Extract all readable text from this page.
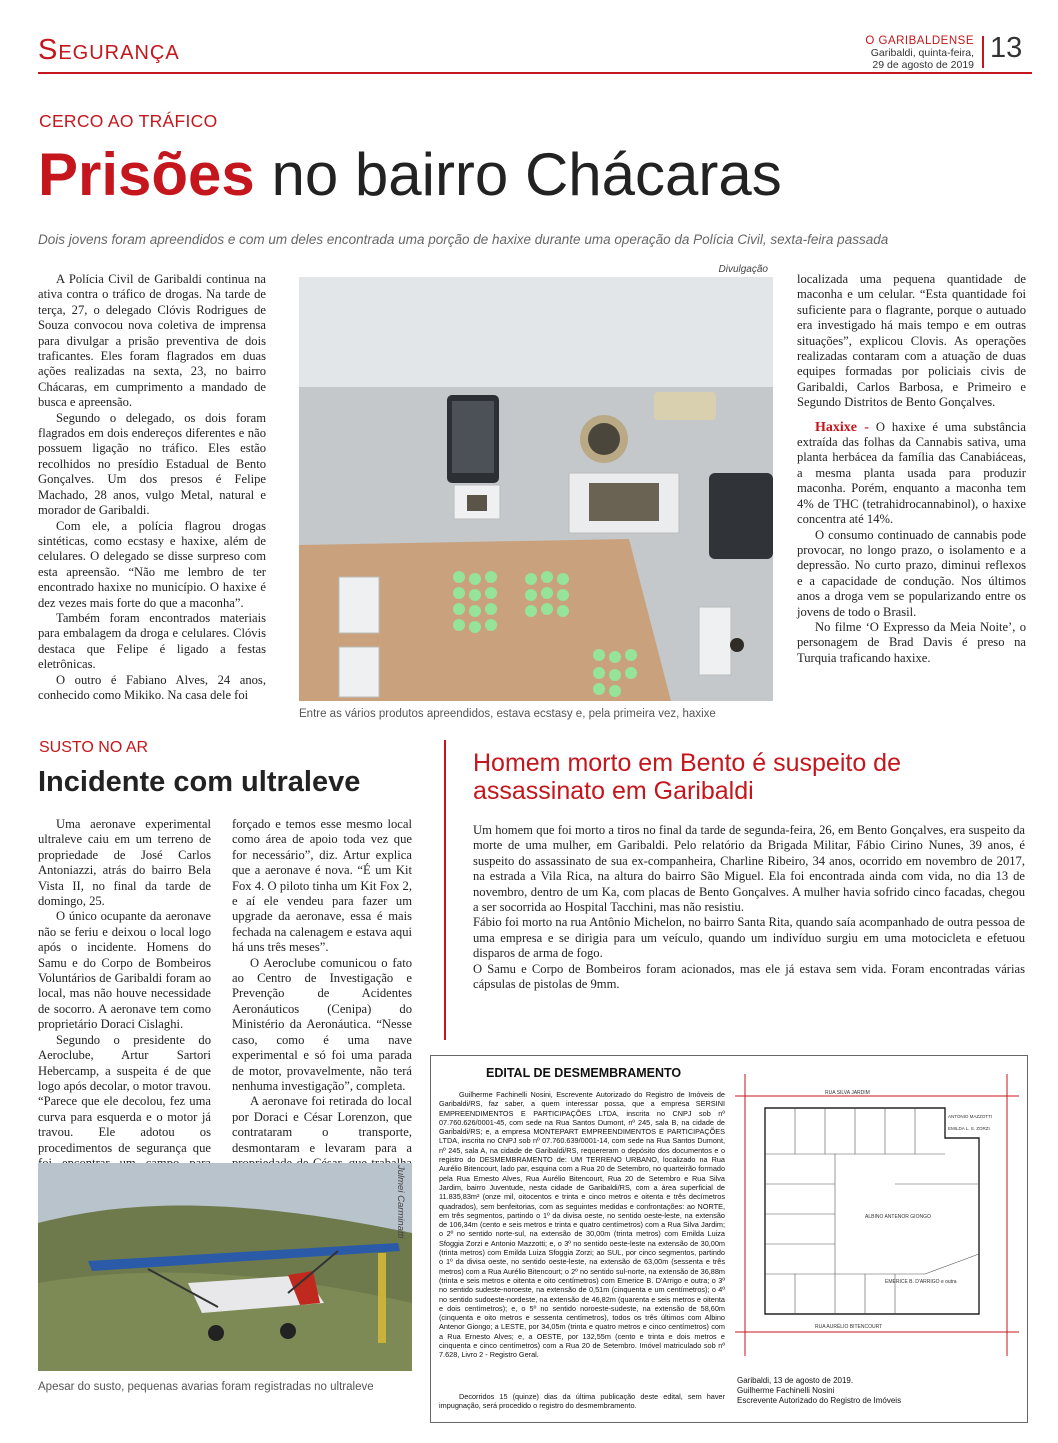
Segurança	O GARIBALDENSE
Garibaldi, quinta-feira,
29 de agosto de 2019
13
CERCO AO TRÁFICO
Prisões no bairro Chácaras
Dois jovens foram apreendidos e com um deles encontrada uma porção de haxixe durante uma operação da Polícia Civil, sexta-feira passada

A Polícia Civil de Garibaldi continua na ativa contra o tráfico de drogas. Na tarde de terça, 27, o delegado Clóvis Rodrigues de Souza convocou nova coletiva de imprensa para divulgar a prisão preventiva de dois traficantes. Eles foram flagrados em duas ações realizadas na sexta, 23, no bairro Chácaras, em cumprimento a mandado de busca e apreensão.

Segundo o delegado, os dois foram flagrados em dois endereços diferentes e não possuem ligação no tráfico. Eles estão recolhidos no presídio Estadual de Bento Gonçalves. Um dos presos é Felipe Machado, 28 anos, vulgo Metal, natural e morador de Garibaldi.

Com ele, a polícia flagrou drogas sintéticas, como ecstasy e haxixe, além de celulares. O delegado se disse surpreso com esta apreensão. “Não me lembro de ter encontrado haxixe no município. O haxixe é dez vezes mais forte do que a maconha”.

Também foram encontrados materiais para embalagem da droga e celulares. Clóvis destaca que Felipe é ligado a festas eletrônicas.

O outro é Fabiano Alves, 24 anos, conhecido como Mikiko. Na casa dele foi

Divulgação
Entre as vários produtos apreendidos, estava ecstasy e, pela primeira vez, haxixe

localizada uma pequena quantidade de maconha e um celular. “Esta quantidade foi suficiente para o flagrante, porque o autuado era investigado há mais tempo e em outras situações”, explicou Clovis. As operações realizadas contaram com a atuação de duas equipes formadas por policiais civis de Garibaldi, Carlos Barbosa, e Primeiro e Segundo Distritos de Bento Gonçalves.

Haxixe - O haxixe é uma substância extraída das folhas da Cannabis sativa, uma planta herbácea da família das Canabiáceas, a mesma planta usada para produzir maconha. Porém, enquanto a maconha tem 4% de THC (tetrahidrocannabinol), o haxixe concentra até 14%.

O consumo continuado de cannabis pode provocar, no longo prazo, o isolamento e a depressão. No curto prazo, diminui reflexos e a capacidade de condução. Nos últimos anos a droga vem se popularizando entre os jovens de todo o Brasil.

No filme ‘O Expresso da Meia Noite’, o personagem de Brad Davis é preso na Turquia traficando haxixe.

SUSTO NO AR
Incidente com ultraleve

Uma aeronave experimental ultraleve caiu em um terreno de propriedade de José Carlos Antoniazzi, atrás do bairro Bela Vista II, no final da tarde de domingo, 25.

O único ocupante da aeronave não se feriu e deixou o local logo após o incidente. Homens do Samu e do Corpo de Bombeiros Voluntários de Garibaldi foram ao local, mas não houve necessidade de socorro. A aeronave tem como proprietário Doraci Cislaghi.

Segundo o presidente do Aeroclube, Artur Sartori Hebercamp, a suspeita é de que logo após decolar, o motor travou. “Parece que ele decolou, fez uma curva para esquerda e o motor já travou. Ele adotou os procedimentos de segurança que

forçado e temos esse mesmo local como área de apoio toda vez que for necessário”, diz. Artur explica que a aeronave é nova. “É um Kit Fox 4. O piloto tinha um Kit Fox 2, e aí ele vendeu para fazer um upgrade da aeronave, essa é mais fechada na calenagem e estava aqui há uns três meses”.

O Aeroclube comunicou o fato ao Centro de Investigação e Prevenção de Acidentes Aeronáuticos (Cenipa) do Ministério da Aeronáutica. “Nesse caso, como é uma nave experimental e só foi uma parada de motor, provavelmente, não terá nenhuma investigação”, completa.

A aeronave foi retirada do local por Doraci e César Lorenzon, que contrataram o transporte, desmontaram e levaram para a

Julmei Carminatti
Apesar do susto, pequenas avarias foram registradas no ultraleve
Homem morto em Bento é suspeito de assassinato em Garibaldi

Um homem que foi morto a tiros no final da tarde de segunda-feira, 26, em Bento Gonçalves, era suspeito da morte de uma mulher, em Garibaldi. Pelo relatório da Brigada Militar, Fábio Cirino Nunes, 39 anos, é suspeito do assassinato de sua ex-companheira, Charline Ribeiro, 34 anos, ocorrido em novembro de 2017, na estrada a Vila Rica, na altura do bairro São Miguel. Ela foi encontrada ainda com vida, no dia 13 de novembro, dentro de um Ka, com placas de Bento Gonçalves. A mulher havia sofrido cinco facadas, chegou a ser socorrida ao Hospital Tacchini, mas não resistiu.

Fábio foi morto na rua Antônio Michelon, no bairro Santa Rita, quando saía acompanhado de outra pessoa de uma empresa e se dirigia para um veículo, quando um indivíduo surgiu em uma motocicleta e efetuou disparos de arma de fogo.

O Samu e Corpo de Bombeiros foram acionados, mas ele já estava sem vida. Foram encontradas várias cápsulas de pistolas de 9mm.

EDITAL DE DESMEMBRAMENTO
Guilherme Fachinelli Nosini, Escrevente Autorizado do Registro de Imóveis de Garibaldi/RS, faz saber, a quem interessar possa, que a empresa SERSINI EMPREENDIMENTOS E PARTICIPAÇÕES LTDA, inscrita no CNPJ sob nº 07.760.626/0001-45, com sede na Rua Santos Dumont, nº 245, sala B, na cidade de Garibaldi/RS; e, a empresa MONTEPART EMPREENDIMENTOS E PARTICIPAÇÕES LTDA, inscrita no CNPJ sob nº 07.760.639/0001-14, com sede na Rua Santos Dumont, nº 245, sala A, na cidade de Garibaldi/RS, requereram o depósito dos documentos e o registro do DESMEMBRAMENTO de: UM TERRENO URBANO, localizado na Rua Aurélio Bitencourt, lado par, esquina com a Rua 20 de Setembro, no quarteirão formado pela Rua Ernesto Alves, Rua Aurélio Bitencourt, Rua 20 de Setembro e Rua Silva Jardim, bairro Juventude, nesta cidade de Garibaldi/RS, com a área superficial de 11.835,83m² (onze mil, oitocentos e trinta e cinco metros e oitenta e três decímetros quadrados), sem benfeitorias, com as seguintes medidas e confrontações: ao NORTE, em três segmentos, partindo o 1º da divisa oeste, no sentido oeste-leste, na extensão de 106,34m (cento e seis metros e trinta e quatro centímetros) com a Rua Silva Jardim; o 2º no sentido norte-sul, na extensão de 30,00m (trinta metros) com Emilda Luiza Sfoggia Zorzi e Antonio Mazzotti; e, o 3º no sentido oeste-leste na extensão de 30,00m (trinta metros) com Emilda Luiza Sfoggia Zorzi; ao SUL, por cinco segmentos, partindo o 1º da divisa oeste, no sentido oeste-leste, na extensão de 63,00m (sessenta e três metros) com a Rua Aurélio Bitencourt; o 2º no sentido sul-norte, na extensão de 36,88m (trinta e seis metros e oitenta e oito centímetros) com Emerice B. D'Arrigo e outra; o 3º no sentido sudeste-noroeste, na extensão de 0,51m (cinquenta e um centímetros); o 4º no sentido sudoeste-nordeste, na extensão de 46,82m (quarenta e seis metros e oitenta e dois centímetros); e, o 5º no sentido noroeste-sudeste, na extensão de 58,60m (cinquenta e oito metros e sessenta centímetros), todos os três últimos com Albino Antenor Giongo; a LESTE, por 34,05m (trinta e quatro metros e cinco centímetros) com a Rua Ernesto Alves; e, a OESTE, por 132,55m (cento e trinta e dois metros e cinquenta e cinco centímetros) com a Rua 20 de Setembro. Imóvel matriculado sob nº 7.628, Livro 2 - Registro Geral.
Decorridos 15 (quinze) dias da última publicação deste edital, sem haver impugnação, será procedido o registro do desmembramento.
RUA SILVA JARDIM
RUA AURÉLIO BITENCOURT
ALBINO ANTENOR GIONGO
EMERICE B. D'ARRIGO e outra
ANTONIO MAZZOTTI
EMILDA L. S. ZORZI
Garibaldi, 13 de agosto de 2019.
Guilherme Fachinelli Nosini
Escrevente Autorizado do Registro de Imóveis
